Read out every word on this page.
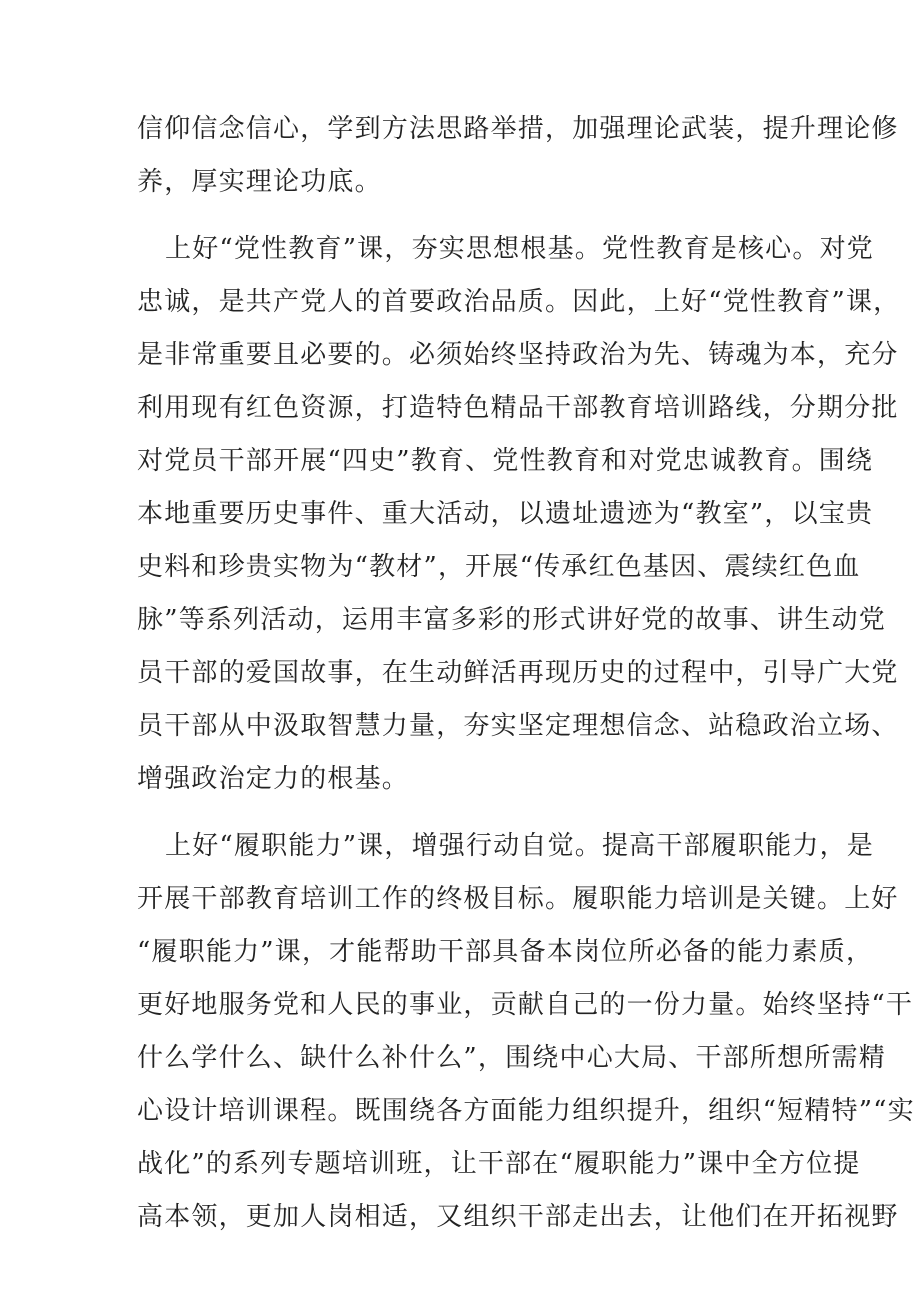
信仰信念信心，学到方法思路举措，加强理论武装，提升理论修

养，厚实理论功底。

上好“党性教育”课，夯实思想根基。党性教育是核心。对党

忠诚，是共产党人的首要政治品质。因此，上好“党性教育”课，

是非常重要且必要的。必须始终坚持政治为先、铸魂为本，充分

利用现有红色资源，打造特色精品干部教育培训路线，分期分批

对党员干部开展“四史”教育、党性教育和对党忠诚教育。围绕

本地重要历史事件、重大活动，以遗址遗迹为“教室”，以宝贵

史料和珍贵实物为“教材”，开展“传承红色基因、震续红色血

脉”等系列活动，运用丰富多彩的形式讲好党的故事、讲生动党

员干部的爱国故事，在生动鲜活再现历史的过程中，引导广大党

员干部从中汲取智慧力量，夯实坚定理想信念、站稳政治立场、

增强政治定力的根基。

上好“履职能力”课，增强行动自觉。提高干部履职能力，是

开展干部教育培训工作的终极目标。履职能力培训是关键。上好

“履职能力”课，才能帮助干部具备本岗位所必备的能力素质，

更好地服务党和人民的事业，贡献自己的一份力量。始终坚持“干

什么学什么、缺什么补什么”，围绕中心大局、干部所想所需精

心设计培训课程。既围绕各方面能力组织提升，组织“短精特”“实

战化”的系列专题培训班，让干部在“履职能力”课中全方位提

高本领，更加人岗相适，又组织干部走出去，让他们在开拓视野
